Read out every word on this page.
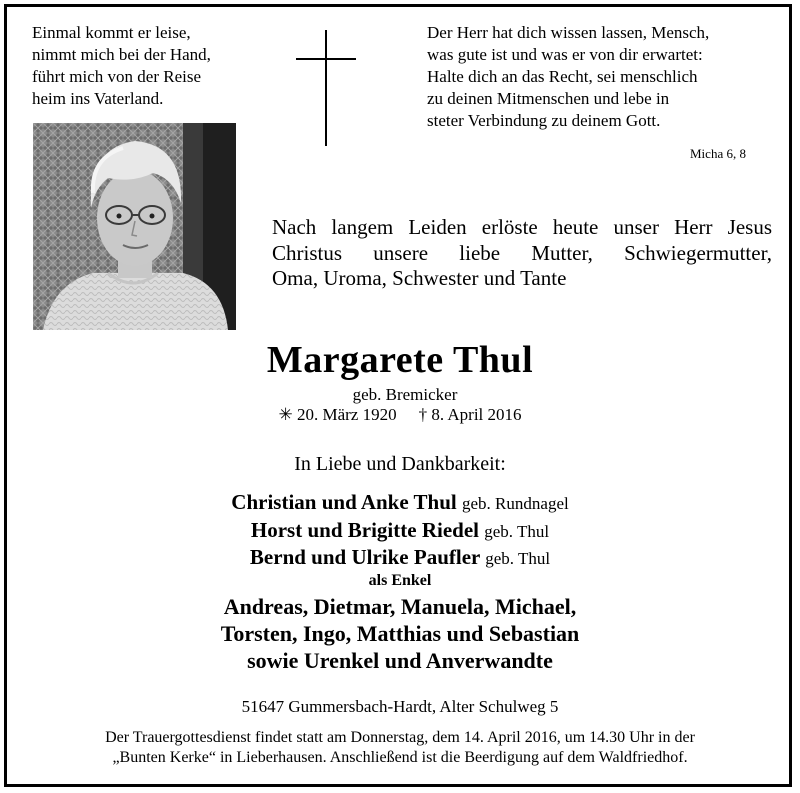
Einmal kommt er leise,
nimmt mich bei der Hand,
führt mich von der Reise
heim ins Vaterland.
Der Herr hat dich wissen lassen, Mensch,
was gute ist und was er von dir erwartet:
Halte dich an das Recht, sei menschlich
zu deinen Mitmenschen und lebe in
steter Verbindung zu deinem Gott.
Micha 6, 8
Nach langem Leiden erlöste heute unser Herr Jesus
Christus unsere liebe Mutter, Schwiegermutter,
Oma, Uroma, Schwester und Tante
Margarete Thul
geb. Bremicker
✳ 20. März 1920 † 8. April 2016
In Liebe und Dankbarkeit:
Christian und Anke Thul geb. Rundnagel
Horst und Brigitte Riedel geb. Thul
Bernd und Ulrike Paufler geb. Thul
als Enkel
Andreas, Dietmar, Manuela, Michael,
Torsten, Ingo, Matthias und Sebastian
sowie Urenkel und Anverwandte
51647 Gummersbach-Hardt, Alter Schulweg 5
Der Trauergottesdienst findet statt am Donnerstag, dem 14. April 2016, um 14.30 Uhr in der
„Bunten Kerke“ in Lieberhausen. Anschließend ist die Beerdigung auf dem Waldfriedhof.
